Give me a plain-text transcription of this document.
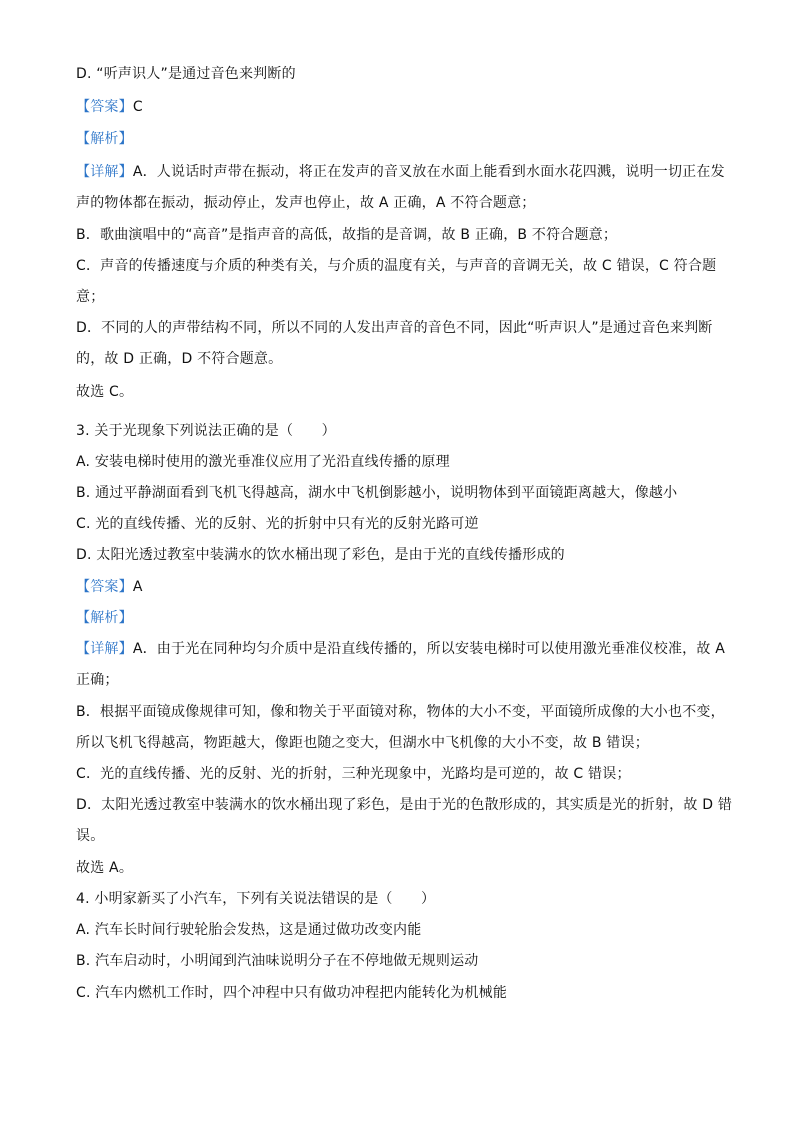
D. “听声识人”是通过音色来判断的
【答案】C
【解析】
【详解】A．人说话时声带在振动，将正在发声的音叉放在水面上能看到水面水花四溅，说明一切正在发
声的物体都在振动，振动停止，发声也停止，故 A 正确，A 不符合题意；
B．歌曲演唱中的“高音”是指声音的高低，故指的是音调，故 B 正确，B 不符合题意；
C．声音的传播速度与介质的种类有关，与介质的温度有关，与声音的音调无关，故 C 错误，C 符合题
意；
D．不同的人的声带结构不同，所以不同的人发出声音的音色不同，因此“听声识人”是通过音色来判断
的，故 D 正确，D 不符合题意。
故选 C。
3. 关于光现象下列说法正确的是（　　）
A. 安装电梯时使用的激光垂准仪应用了光沿直线传播的原理
B. 通过平静湖面看到飞机飞得越高，湖水中飞机倒影越小，说明物体到平面镜距离越大，像越小
C. 光的直线传播、光的反射、光的折射中只有光的反射光路可逆
D. 太阳光透过教室中装满水的饮水桶出现了彩色，是由于光的直线传播形成的
【答案】A
【解析】
【详解】A．由于光在同种均匀介质中是沿直线传播的，所以安装电梯时可以使用激光垂准仪校准，故 A
正确；
B．根据平面镜成像规律可知，像和物关于平面镜对称，物体的大小不变，平面镜所成像的大小也不变，
所以飞机飞得越高，物距越大，像距也随之变大，但湖水中飞机像的大小不变，故 B 错误；
C．光的直线传播、光的反射、光的折射，三种光现象中，光路均是可逆的，故 C 错误；
D．太阳光透过教室中装满水的饮水桶出现了彩色，是由于光的色散形成的，其实质是光的折射，故 D 错
误。
故选 A。
4. 小明家新买了小汽车，下列有关说法错误的是（　　）
A. 汽车长时间行驶轮胎会发热，这是通过做功改变内能
B. 汽车启动时，小明闻到汽油味说明分子在不停地做无规则运动
C. 汽车内燃机工作时，四个冲程中只有做功冲程把内能转化为机械能
